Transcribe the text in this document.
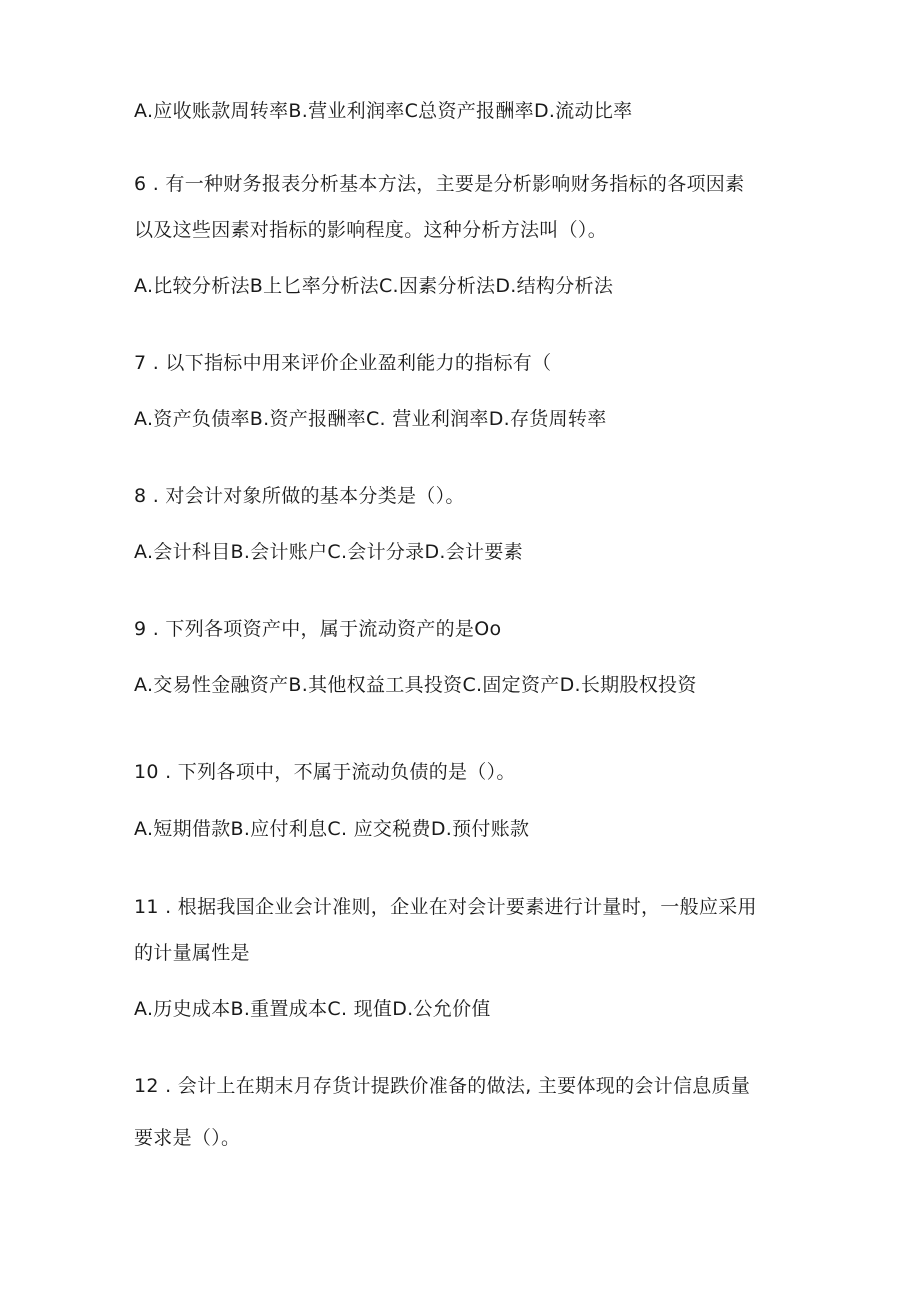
A.应收账款周转率B.营业利润率C总资产报酬率D.流动比率
6 . 有一种财务报表分析基本方法，主要是分析影响财务指标的各项因素
以及这些因素对指标的影响程度。这种分析方法叫（）。
A.比较分析法B上匕率分析法C.因素分析法D.结构分析法
7 . 以下指标中用来评价企业盈利能力的指标有（
A.资产负债率B.资产报酬率C. 营业利润率D.存货周转率
8 . 对会计对象所做的基本分类是（）。
A.会计科目B.会计账户C.会计分录D.会计要素
9 . 下列各项资产中，属于流动资产的是Oo
A.交易性金融资产B.其他权益工具投资C.固定资产D.长期股权投资
10 . 下列各项中，不属于流动负债的是（）。
A.短期借款B.应付利息C. 应交税费D.预付账款
11 . 根据我国企业会计准则，企业在对会计要素进行计量时，一般应采用
的计量属性是
A.历史成本B.重置成本C. 现值D.公允价值
12 . 会计上在期末月存货计提跌价准备的做法, 主要体现的会计信息质量
要求是（）。
